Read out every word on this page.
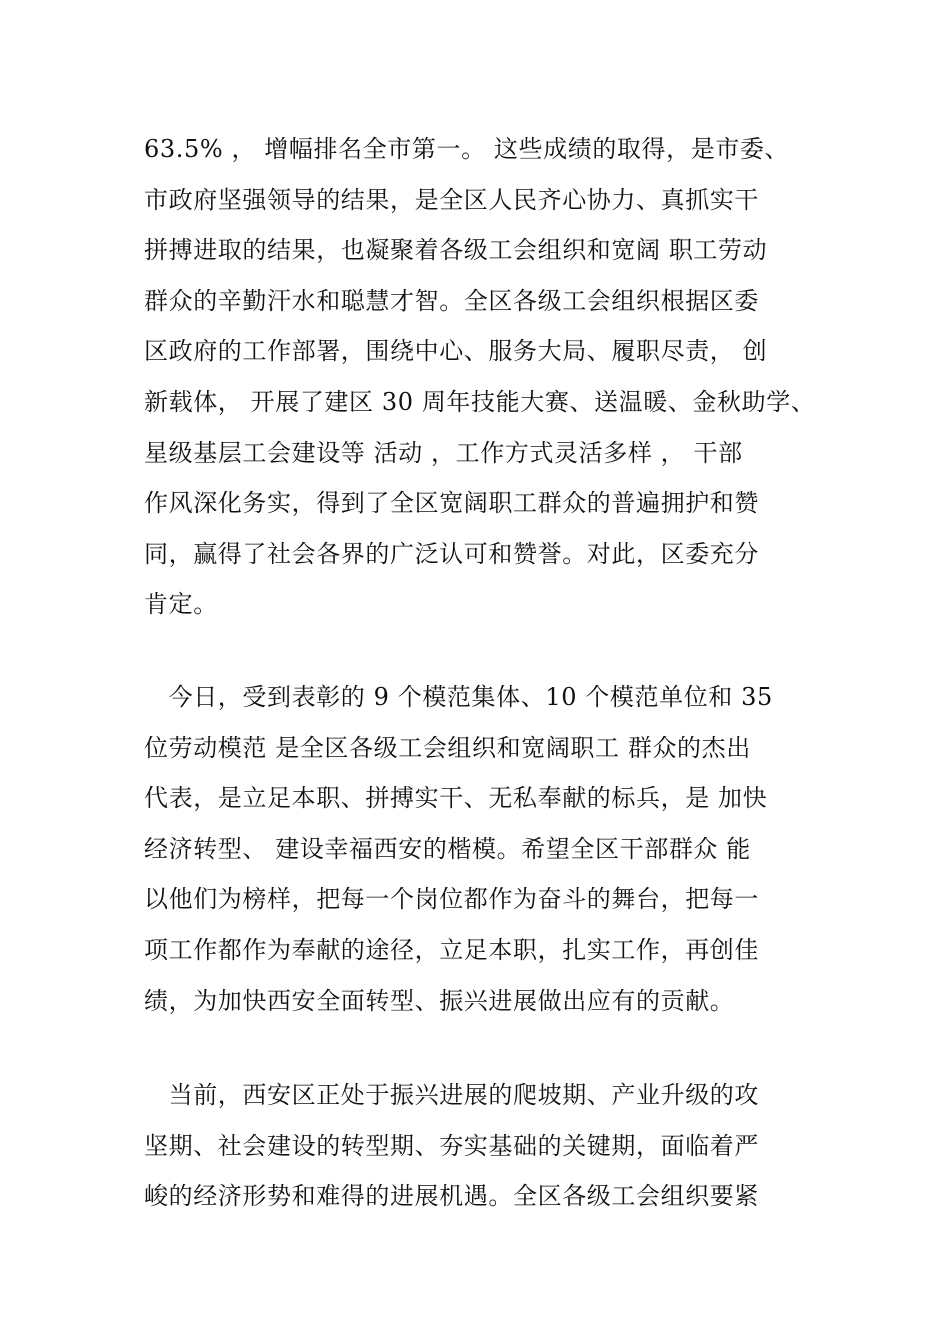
63.5% ， 增幅排名全市第一。 这些成绩的取得，是市委、
市政府坚强领导的结果，是全区人民齐心协力、真抓实干
拼搏进取的结果，也凝聚着各级工会组织和宽阔 职工劳动
群众的辛勤汗水和聪慧才智。全区各级工会组织根据区委
区政府的工作部署，围绕中心、服务大局、履职尽责， 创
新载体， 开展了建区 30 周年技能大赛、送温暖、金秋助学、
星级基层工会建设等 活动 ，工作方式灵活多样 ， 干部
作风深化务实，得到了全区宽阔职工群众的普遍拥护和赞
同，赢得了社会各界的广泛认可和赞誉。对此，区委充分
肯定。
　今日，受到表彰的 9 个模范集体、10 个模范单位和 35
位劳动模范 是全区各级工会组织和宽阔职工 群众的杰出
代表，是立足本职、拼搏实干、无私奉献的标兵，是 加快
经济转型、 建设幸福西安的楷模。希望全区干部群众 能
以他们为榜样，把每一个岗位都作为奋斗的舞台，把每一
项工作都作为奉献的途径，立足本职，扎实工作，再创佳
绩，为加快西安全面转型、振兴进展做出应有的贡献。
　当前，西安区正处于振兴进展的爬坡期、产业升级的攻
坚期、社会建设的转型期、夯实基础的关键期，面临着严
峻的经济形势和难得的进展机遇。全区各级工会组织要紧
